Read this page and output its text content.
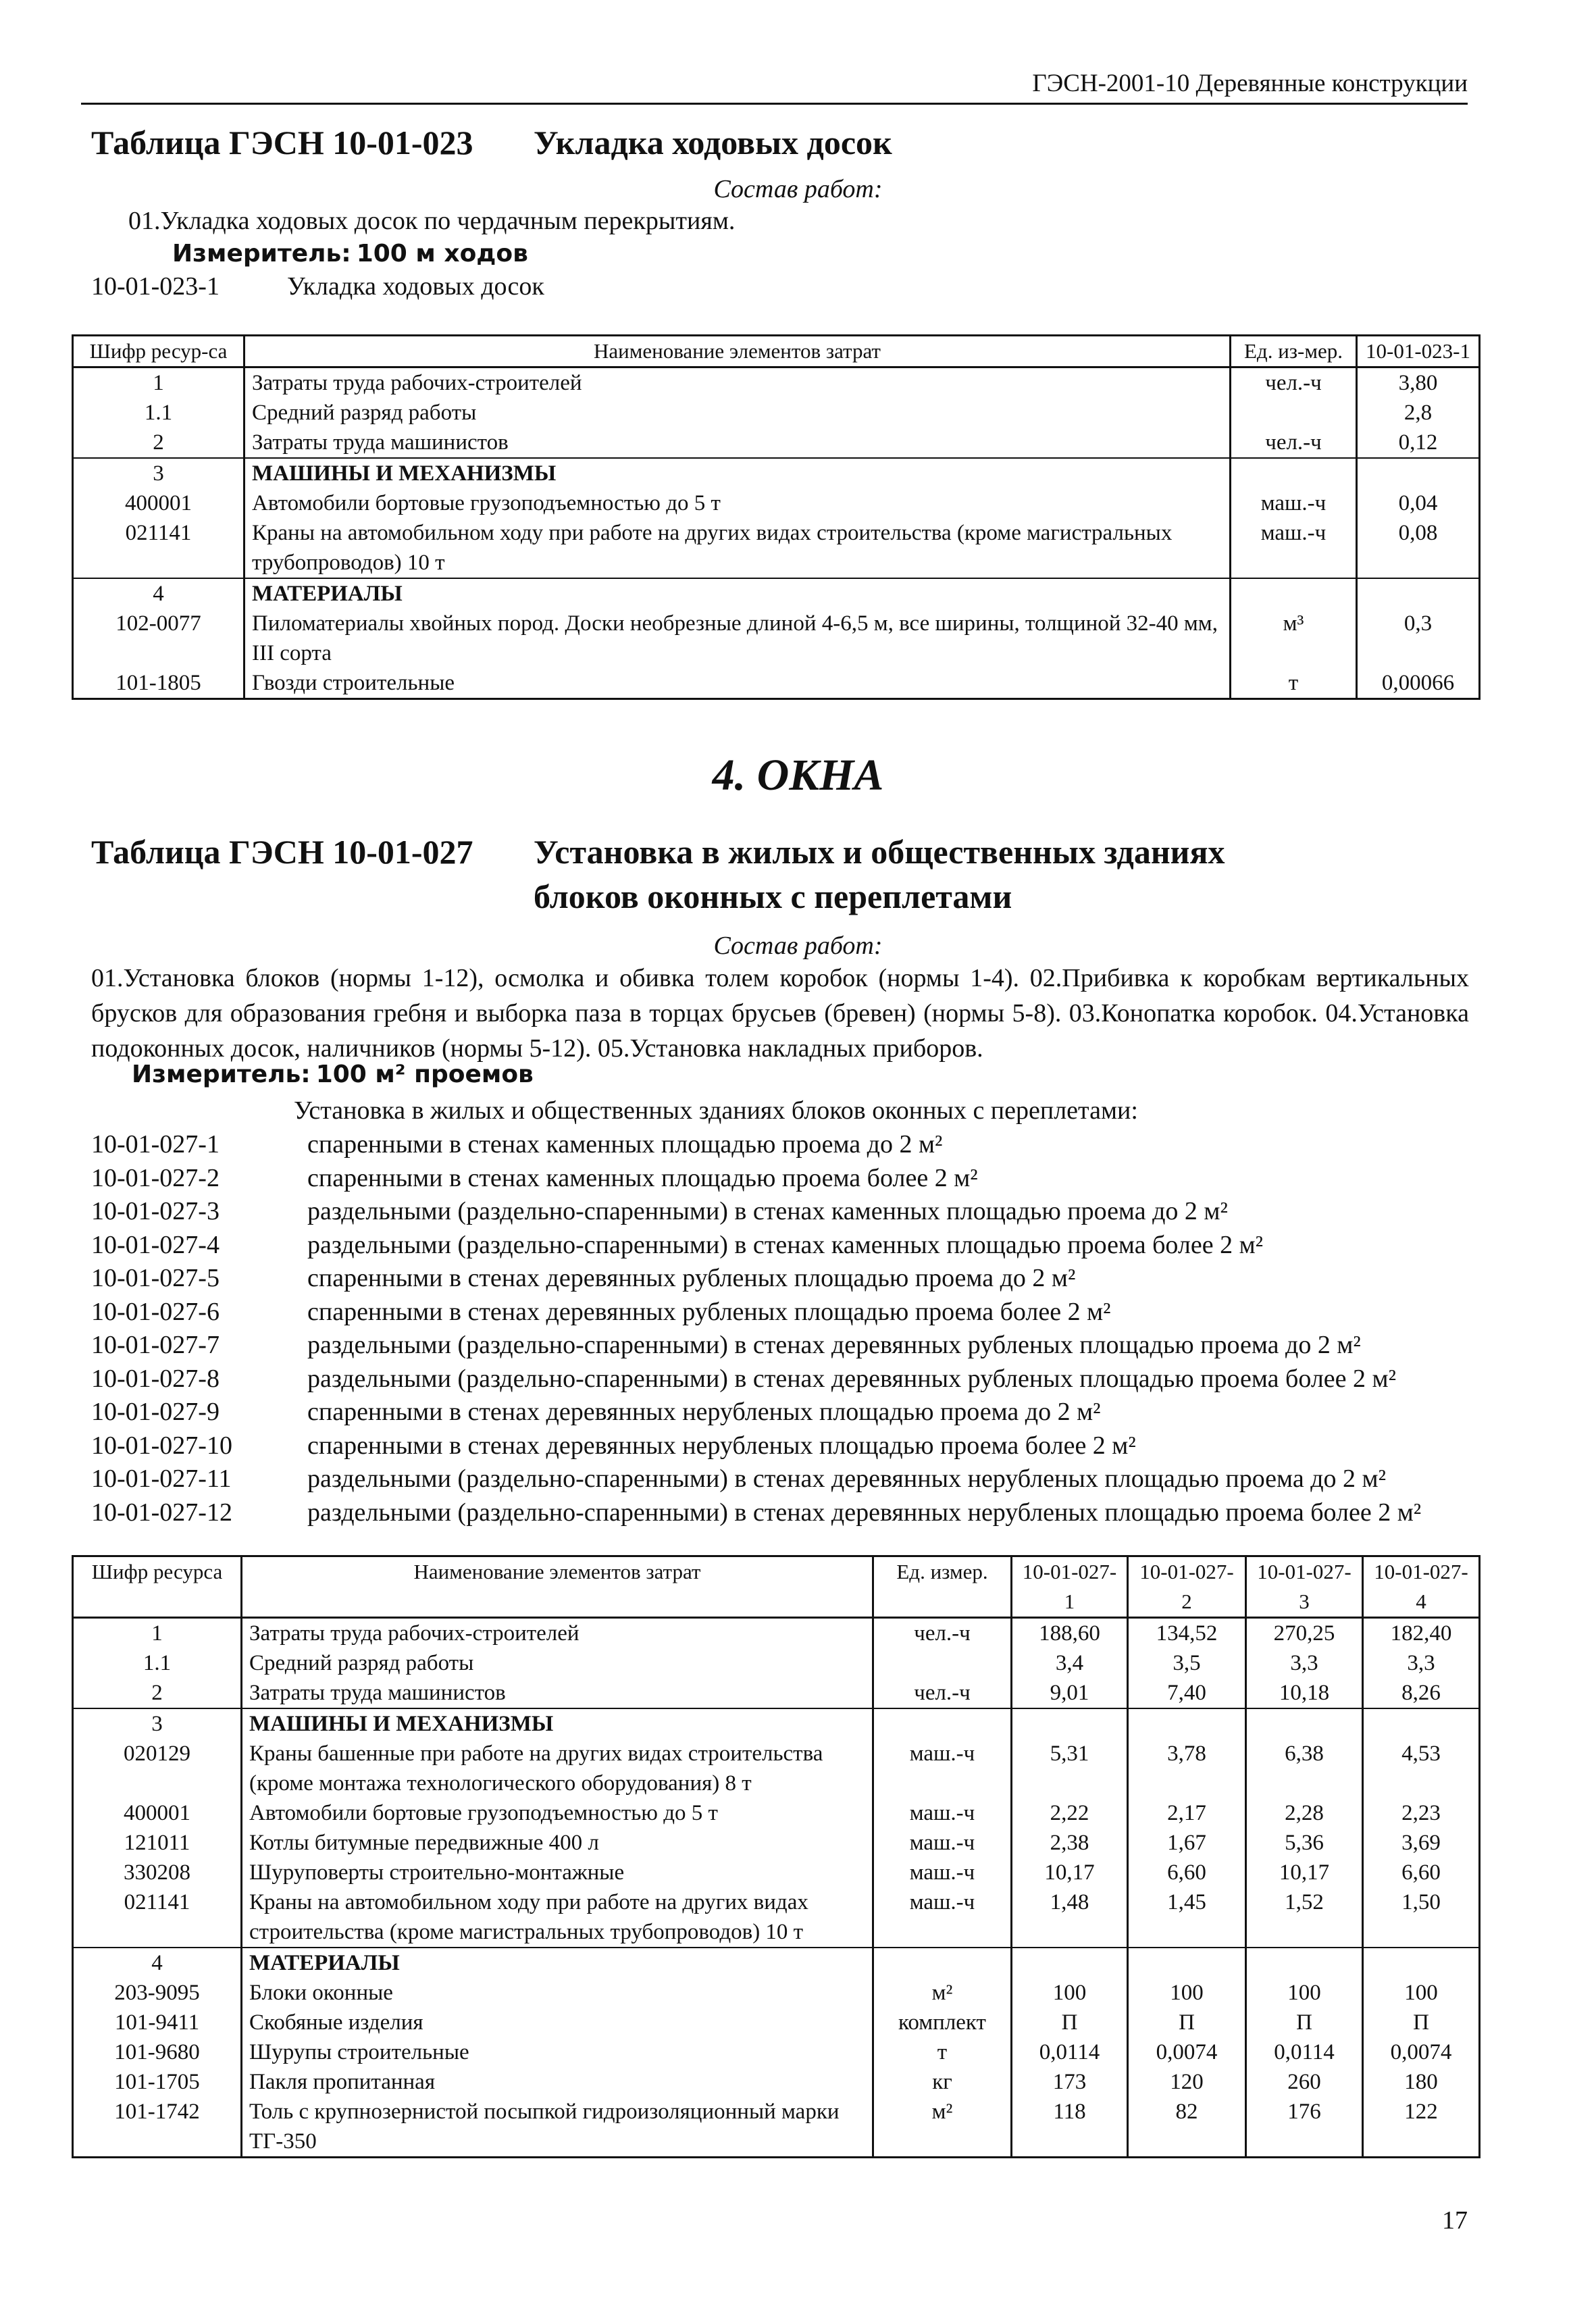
ГЭСН-2001-10 Деревянные конструкции
Таблица ГЭСН 10-01-023 Укладка ходовых досок
Состав работ:
01.Укладка ходовых досок по чердачным перекрытиям.
Измеритель: 100 м ходов
10-01-023-1	Укладка ходовых досок
Шифр ресур-са	Наименование элементов затрат	Ед. из-мер.	10-01-023-1
1	Затраты труда рабочих-строителей	чел.-ч	3,80
1.1	Средний разряд работы		2,8
2	Затраты труда машинистов	чел.-ч	0,12
3	МАШИНЫ И МЕХАНИЗМЫ		
400001	Автомобили бортовые грузоподъемностью до 5 т	маш.-ч	0,04
021141	Краны на автомобильном ходу при работе на других видах строительства (кроме магистральных трубопроводов) 10 т	маш.-ч	0,08
4	МАТЕРИАЛЫ		
102-0077	Пиломатериалы хвойных пород. Доски необрезные длиной 4-6,5 м, все ширины, толщиной 32-40 мм, III сорта	м³	0,3
101-1805	Гвозди строительные	т	0,00066
4. ОКНА
Таблица ГЭСН 10-01-027 Установка в жилых и общественных зданиях
блоков оконных с переплетами
Состав работ:
01.Установка блоков (нормы 1-12), осмолка и обивка толем коробок (нормы 1-4). 02.Прибивка к коробкам вертикальных брусков для образования гребня и выборка паза в торцах брусьев (бревен) (нормы 5-8). 03.Конопатка коробок. 04.Установка подоконных досок, наличников (нормы 5-12). 05.Установка накладных приборов.
Измеритель: 100 м² проемов
Установка в жилых и общественных зданиях блоков оконных с переплетами:
10-01-027-1	спаренными в стенах каменных площадью проема до 2 м²
10-01-027-2	спаренными в стенах каменных площадью проема более 2 м²
10-01-027-3	раздельными (раздельно-спаренными) в стенах каменных площадью проема до 2 м²
10-01-027-4	раздельными (раздельно-спаренными) в стенах каменных площадью проема более 2 м²
10-01-027-5	спаренными в стенах деревянных рубленых площадью проема до 2 м²
10-01-027-6	спаренными в стенах деревянных рубленых площадью проема более 2 м²
10-01-027-7	раздельными (раздельно-спаренными) в стенах деревянных рубленых площадью проема до 2 м²
10-01-027-8	раздельными (раздельно-спаренными) в стенах деревянных рубленых площадью проема более 2 м²
10-01-027-9	спаренными в стенах деревянных нерубленых площадью проема до 2 м²
10-01-027-10	спаренными в стенах деревянных нерубленых площадью проема более 2 м²
10-01-027-11	раздельными (раздельно-спаренными) в стенах деревянных нерубленых площадью проема до 2 м²
10-01-027-12	раздельными (раздельно-спаренными) в стенах деревянных нерубленых площадью проема более 2 м²
Шифр ресурса	Наименование элементов затрат	Ед. измер.	10-01-027-1	10-01-027-2	10-01-027-3	10-01-027-4
1	Затраты труда рабочих-строителей	чел.-ч	188,60	134,52	270,25	182,40
1.1	Средний разряд работы		3,4	3,5	3,3	3,3
2	Затраты труда машинистов	чел.-ч	9,01	7,40	10,18	8,26
3	МАШИНЫ И МЕХАНИЗМЫ					
020129	Краны башенные при работе на других видах строительства (кроме монтажа технологического оборудования) 8 т	маш.-ч	5,31	3,78	6,38	4,53
400001	Автомобили бортовые грузоподъемностью до 5 т	маш.-ч	2,22	2,17	2,28	2,23
121011	Котлы битумные передвижные 400 л	маш.-ч	2,38	1,67	5,36	3,69
330208	Шуруповерты строительно-монтажные	маш.-ч	10,17	6,60	10,17	6,60
021141	Краны на автомобильном ходу при работе на других видах строительства (кроме магистральных трубопроводов) 10 т	маш.-ч	1,48	1,45	1,52	1,50
4	МАТЕРИАЛЫ					
203-9095	Блоки оконные	м²	100	100	100	100
101-9411	Скобяные изделия	комплект	П	П	П	П
101-9680	Шурупы строительные	т	0,0114	0,0074	0,0114	0,0074
101-1705	Пакля пропитанная	кг	173	120	260	180
101-1742	Толь с крупнозернистой посыпкой гидроизоляционный марки ТГ-350	м²	118	82	176	122
17
